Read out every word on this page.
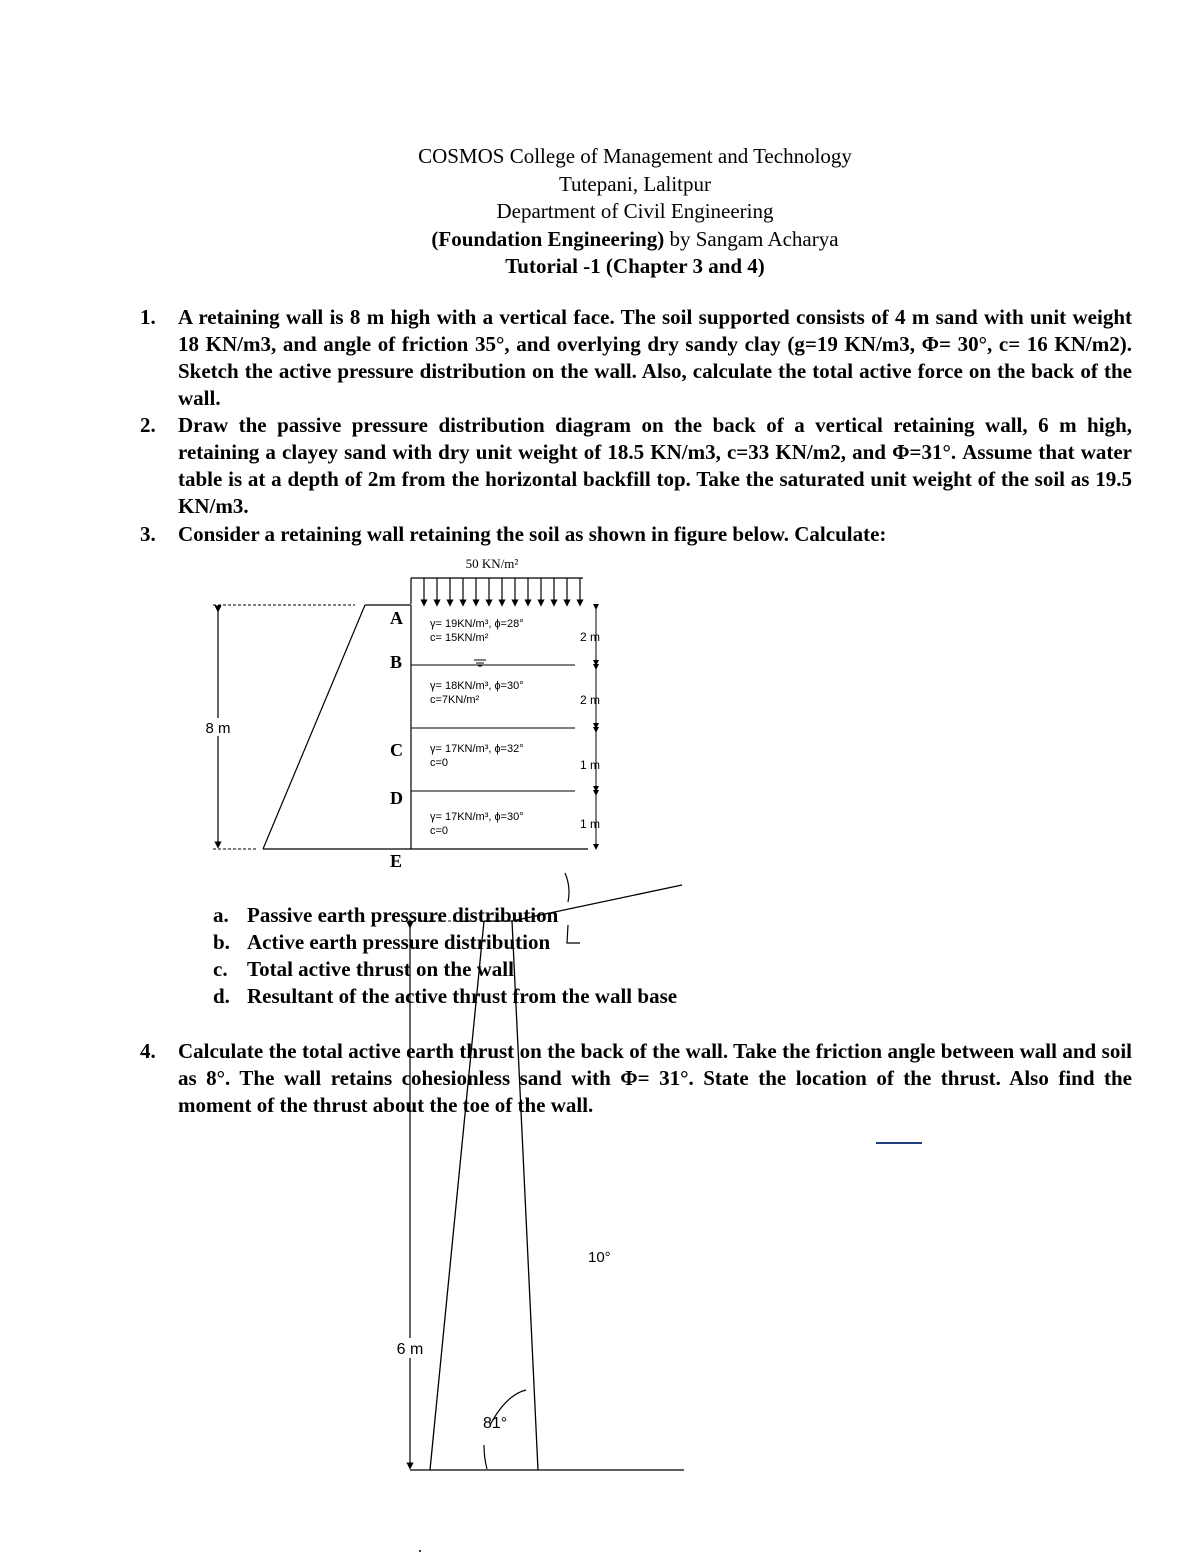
COSMOS College of Management and Technology
Tutepani, Lalitpur
Department of Civil Engineering
(Foundation Engineering) by Sangam Acharya
Tutorial -1 (Chapter 3 and 4)
1. A retaining wall is 8 m high with a vertical face. The soil supported consists of 4 m sand with unit weight 18 KN/m3, and angle of friction 35°, and overlying dry sandy clay (g=19 KN/m3, Φ= 30°, c= 16 KN/m2). Sketch the active pressure distribution on the wall. Also, calculate the total active force on the back of the wall.
2. Draw the passive pressure distribution diagram on the back of a vertical retaining wall, 6 m high, retaining a clayey sand with dry unit weight of 18.5 KN/m3, c=33 KN/m2, and Φ=31°. Assume that water table is at a depth of 2m from the horizontal backfill top. Take the saturated unit weight of the soil as 19.5 KN/m3.
3. Consider a retaining wall retaining the soil as shown in figure below. Calculate:
50 KN/m²
8 m
A
B
C
D
E
γ= 19KN/m³, ɸ=28°
c= 15KN/m²
γ= 18KN/m³, ɸ=30°
c=7KN/m²
γ= 17KN/m³, ɸ=32°
c=0
γ= 17KN/m³, ɸ=30°
c=0
2 m
2 m
1 m
1 m
6 m
10°
81°
a. Passive earth pressure distribution
b. Active earth pressure distribution
c. Total active thrust on the wall
d. Resultant of the active thrust from the wall base
4. Calculate the total active earth thrust on the back of the wall. Take the friction angle between wall and soil as 8°. The wall retains cohesionless sand with Φ= 31°. State the location of the thrust. Also find the moment of the thrust about the toe of the wall.
